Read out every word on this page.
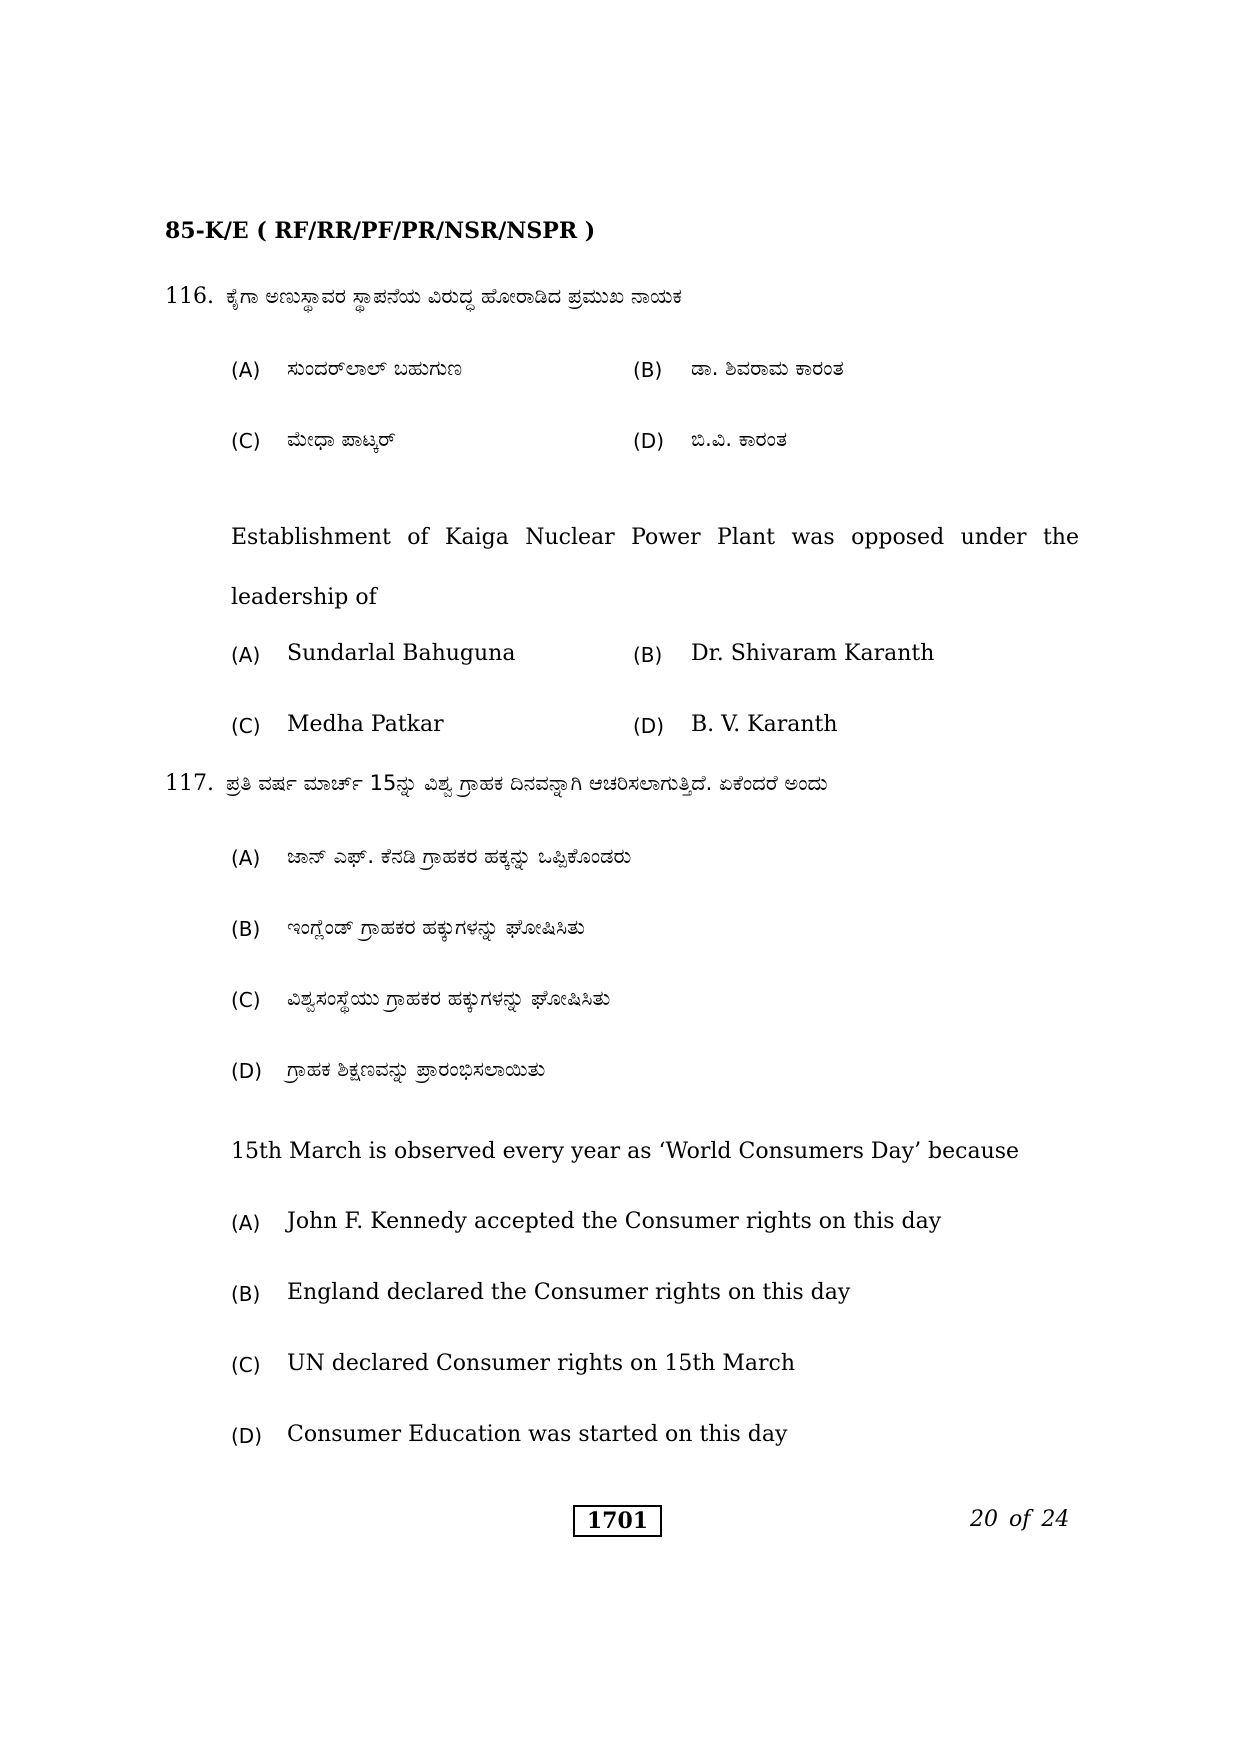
85-K/E ( RF/RR/PF/PR/NSR/NSPR )
116. ಕೈಗಾ ಅಣುಸ್ಥಾವರ ಸ್ಥಾಪನೆಯ ವಿರುದ್ಧ ಹೋರಾಡಿದ ಪ್ರಮುಖ ನಾಯಕ
(A) ಸುಂದರ್‌ಲಾಲ್ ಬಹುಗುಣ	(B) ಡಾ. ಶಿವರಾಮ ಕಾರಂತ
(C) ಮೇಧಾ ಪಾಟ್ಕರ್	(D) ಬಿ.ವಿ. ಕಾರಂತ
Establishment of Kaiga Nuclear Power Plant was opposed under the leadership of
(A) Sundarlal Bahuguna	(B) Dr. Shivaram Karanth
(C) Medha Patkar	(D) B. V. Karanth
117. ಪ್ರತಿ ವರ್ಷ ಮಾರ್ಚ್ 15ನ್ನು ವಿಶ್ವ ಗ್ರಾಹಕ ದಿನವನ್ನಾಗಿ ಆಚರಿಸಲಾಗುತ್ತಿದೆ. ಏಕೆಂದರೆ ಅಂದು
(A) ಜಾನ್ ಎಫ್. ಕೆನಡಿ ಗ್ರಾಹಕರ ಹಕ್ಕನ್ನು ಒಪ್ಪಿಕೊಂಡರು
(B) ಇಂಗ್ಲೆಂಡ್ ಗ್ರಾಹಕರ ಹಕ್ಕುಗಳನ್ನು ಘೋಷಿಸಿತು
(C) ವಿಶ್ವಸಂಸ್ಥೆಯು ಗ್ರಾಹಕರ ಹಕ್ಕುಗಳನ್ನು ಘೋಷಿಸಿತು
(D) ಗ್ರಾಹಕ ಶಿಕ್ಷಣವನ್ನು ಪ್ರಾರಂಭಿಸಲಾಯಿತು
15th March is observed every year as ‘World Consumers Day’ because
(A) John F. Kennedy accepted the Consumer rights on this day
(B) England declared the Consumer rights on this day
(C) UN declared Consumer rights on 15th March
(D) Consumer Education was started on this day
1701	20 of 24
